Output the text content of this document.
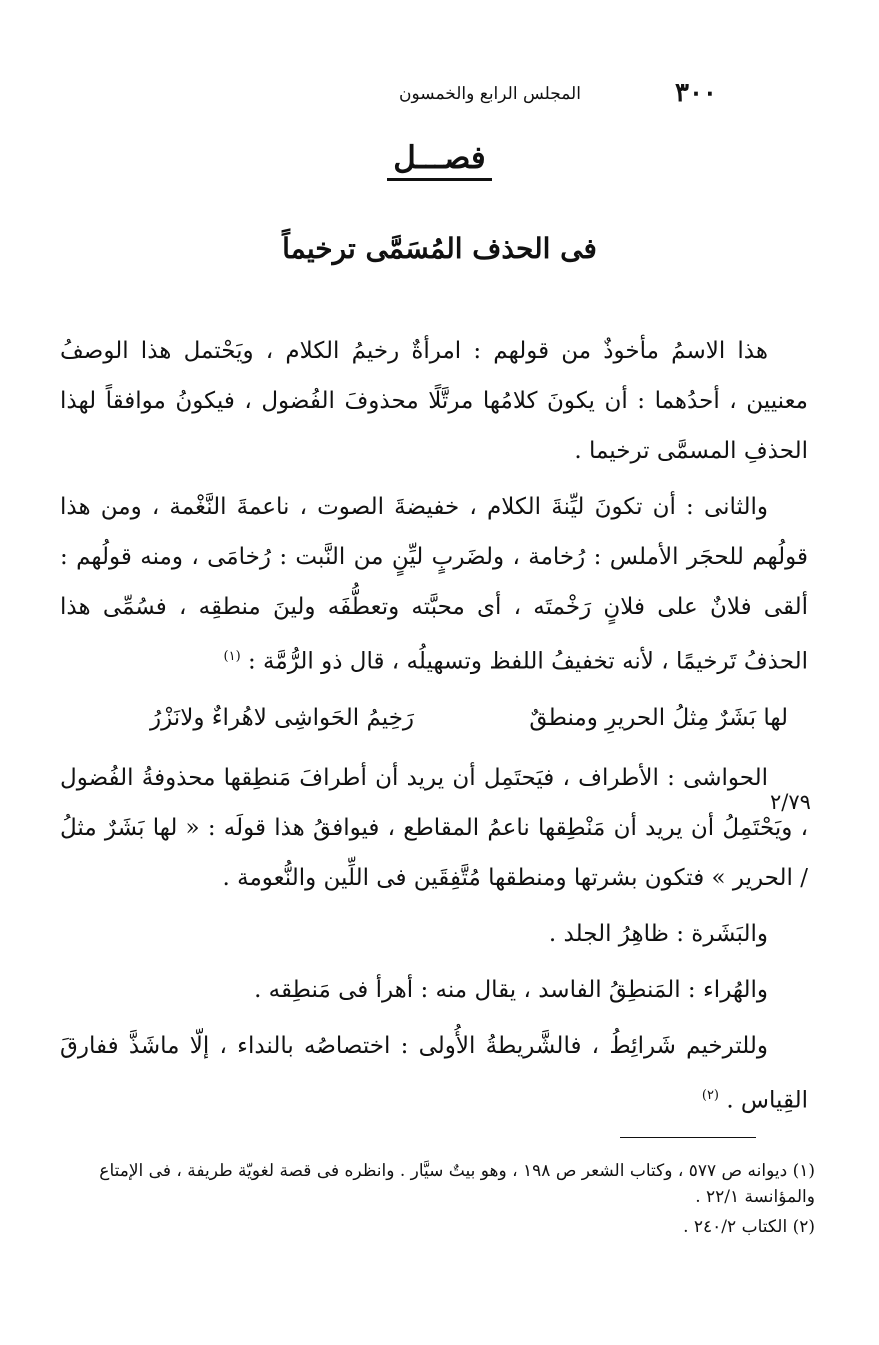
٣٠٠
المجلس الرابع والخمسون
فصـــل
فى الحذف المُسَمَّى ترخيماً

هذا الاسمُ مأخوذٌ من قولهم : امرأةٌ رخيمُ الكلام ، ويَحْتمل هذا الوصفُ معنيين ، أحدُهما : أن يكونَ كلامُها مرتَّلًا محذوفَ الفُضول ، فيكونُ موافقاً لهذا الحذفِ المسمَّى ترخيما .

والثانى : أن تكونَ ليِّنةَ الكلام ، خفيضةَ الصوت ، ناعمةَ النَّغْمة ، ومن هذا قولُهم للحجَر الأملس : رُخامة ، ولضَربٍ ليِّنٍ من النَّبت : رُخامَى ، ومنه قولُهم : ألقى فلانٌ على فلانٍ رَخْمتَه ، أى محبَّته وتعطُّفَه ولينَ منطقِه ، فسُمِّى هذا الحذفُ تَرخيمًا ، لأنه تخفيفُ اللفظ وتسهيلُه ، قال ذو الرُّمَّة : $^{(١)}$

لها بَشَرٌ مِثلُ الحريرِ ومنطقٌ
رَخِيمُ الحَواشِى لاهُراءٌ ولانَزْرُ

الحواشى : الأطراف ، فيَحتَمِل أن يريد أن أطرافَ مَنطِقها محذوفةُ الفُضول ، ويَحْتَمِلُ أن يريد أن مَنْطِقها ناعمُ المقاطع ، فيوافقُ هذا قولَه : « لها بَشَرٌ مثلُ / الحرير » فتكون بشرتها ومنطقها مُتَّفِقَين فى اللِّين والنُّعومة .

والبَشَرة : ظاهِرُ الجلد .

والهُراء : المَنطِقُ الفاسد ، يقال منه : أهرأ فى مَنطِقه .

وللترخيم شَرائِطُ ، فالشَّريطةُ الأُولى : اختصاصُه بالنداء ، إلّا ماشَذَّ ففارقَ القِياس . $^{(٢)}$

٢/٧٩

(١) ديوانه ص ٥٧٧ ، وكتاب الشعر ص ١٩٨ ، وهو بيتٌ سيَّار . وانظره فى قصة لغويّة طريفة ، فى الإمتاع والمؤانسة ٢٢/١ .

(٢) الكتاب ٢٤٠/٢ .
